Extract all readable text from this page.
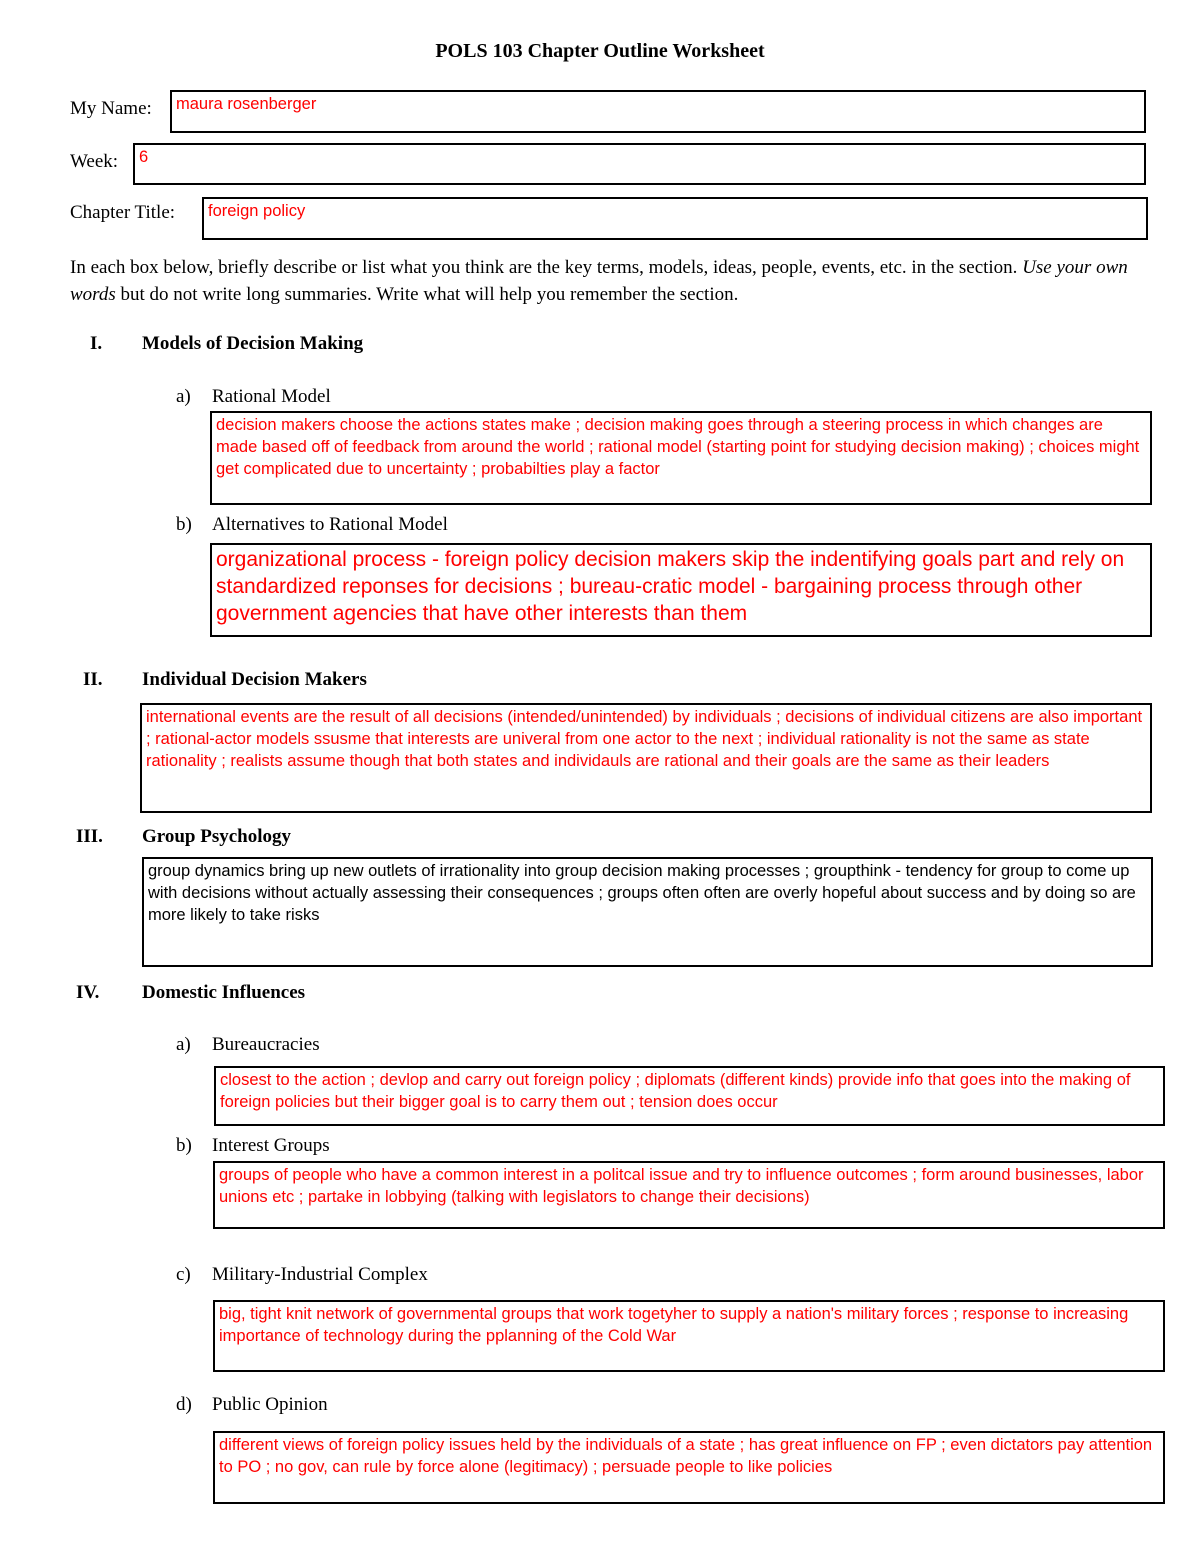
POLS 103 Chapter Outline Worksheet
My Name:	maura rosenberger
Week:	6
Chapter Title:	foreign policy
In each box below, briefly describe or list what you think are the key terms, models, ideas, people, events, etc. in the section. Use your own words but do not write long summaries. Write what will help you remember the section.
I. Models of Decision Making
a) Rational Model
decision makers choose the actions states make ; decision making goes through a steering process in which changes are made based off of feedback from around the world ; rational model (starting point for studying decision making) ; choices might get complicated due to uncertainty ; probabilties play a factor
b) Alternatives to Rational Model
organizational process - foreign policy decision makers skip the indentifying goals part and rely on standardized reponses for decisions ; bureau-cratic model - bargaining process through other government agencies that have other interests than them
II. Individual Decision Makers
international events are the result of all decisions (intended/unintended) by individuals ; decisions of individual citizens are also important ; rational-actor models ssusme that interests are univeral from one actor to the next ; individual rationality is not the same as state rationality ; realists assume though that both states and individauls are rational and their goals are the same as their leaders
III. Group Psychology
group dynamics bring up new outlets of irrationality into group decision making processes ; groupthink - tendency for group to come up with decisions without actually assessing their consequences ; groups often often are overly hopeful about success and by doing so are more likely to take risks
IV. Domestic Influences
a) Bureaucracies
closest to the action ; devlop and carry out foreign policy ; diplomats (different kinds) provide info that goes into the making of foreign policies but their bigger goal is to carry them out ; tension does occur
b) Interest Groups
groups of people who have a common interest in a politcal issue and try to influence outcomes ; form around businesses, labor unions etc ; partake in lobbying (talking with legislators to change their decisions)
c) Military-Industrial Complex
big, tight knit network of governmental groups that work togetyher to supply a nation's military forces ; response to increasing importance of technology during the pplanning of the Cold War
d) Public Opinion
different views of foreign policy issues held by the individuals of a state ; has great influence on FP ; even dictators pay attention to PO ; no gov, can rule by force alone (legitimacy) ; persuade people to like policies
